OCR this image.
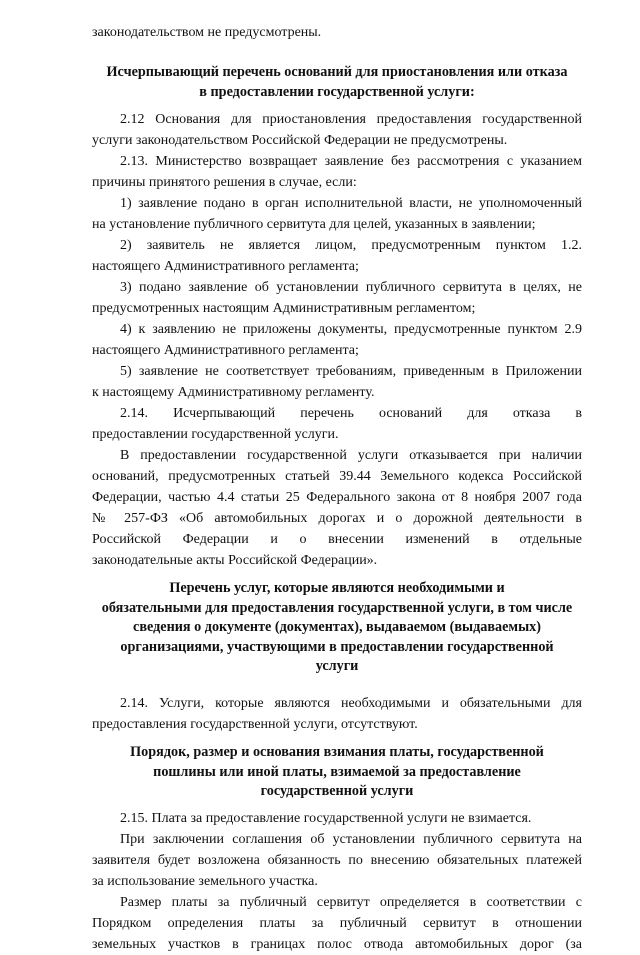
законодательством не предусмотрены.
Исчерпывающий перечень оснований для приостановления или отказа
в предоставлении государственной услуги:
2.12 Основания для приостановления предоставления государственной
услуги законодательством Российской Федерации не предусмотрены.
2.13. Министерство возвращает заявление без рассмотрения с указанием
причины принятого решения в случае, если:
1) заявление подано в орган исполнительной власти, не уполномоченный
на установление публичного сервитута для целей, указанных в заявлении;
2) заявитель не является лицом, предусмотренным пунктом 1.2.
настоящего Административного регламента;
3) подано заявление об установлении публичного сервитута в целях, не
предусмотренных настоящим Административным регламентом;
4) к заявлению не приложены документы, предусмотренные пунктом 2.9
настоящего Административного регламента;
5) заявление не соответствует требованиям, приведенным в Приложении
к настоящему Административному регламенту.
2.14. Исчерпывающий перечень оснований для отказа в
предоставлении государственной услуги.
В предоставлении государственной услуги отказывается при наличии
оснований, предусмотренных статьей 39.44 Земельного кодекса Российской
Федерации, частью 4.4 статьи 25 Федерального закона от 8 ноября 2007 года
№ 257-ФЗ «Об автомобильных дорогах и о дорожной деятельности в
Российской Федерации и о внесении изменений в отдельные
законодательные акты Российской Федерации».
Перечень услуг, которые являются необходимыми и
обязательными для предоставления государственной услуги, в том числе
сведения о документе (документах), выдаваемом (выдаваемых)
организациями, участвующими в предоставлении государственной
услуги
2.14. Услуги, которые являются необходимыми и обязательными для
предоставления государственной услуги, отсутствуют.
Порядок, размер и основания взимания платы, государственной
пошлины или иной платы, взимаемой за предоставление
государственной услуги
2.15. Плата за предоставление государственной услуги не взимается.
При заключении соглашения об установлении публичного сервитута на
заявителя будет возложена обязанность по внесению обязательных платежей
за использование земельного участка.
Размер платы за публичный сервитут определяется в соответствии с
Порядком определения платы за публичный сервитут в отношении
земельных участков в границах полос отвода автомобильных дорог (за
